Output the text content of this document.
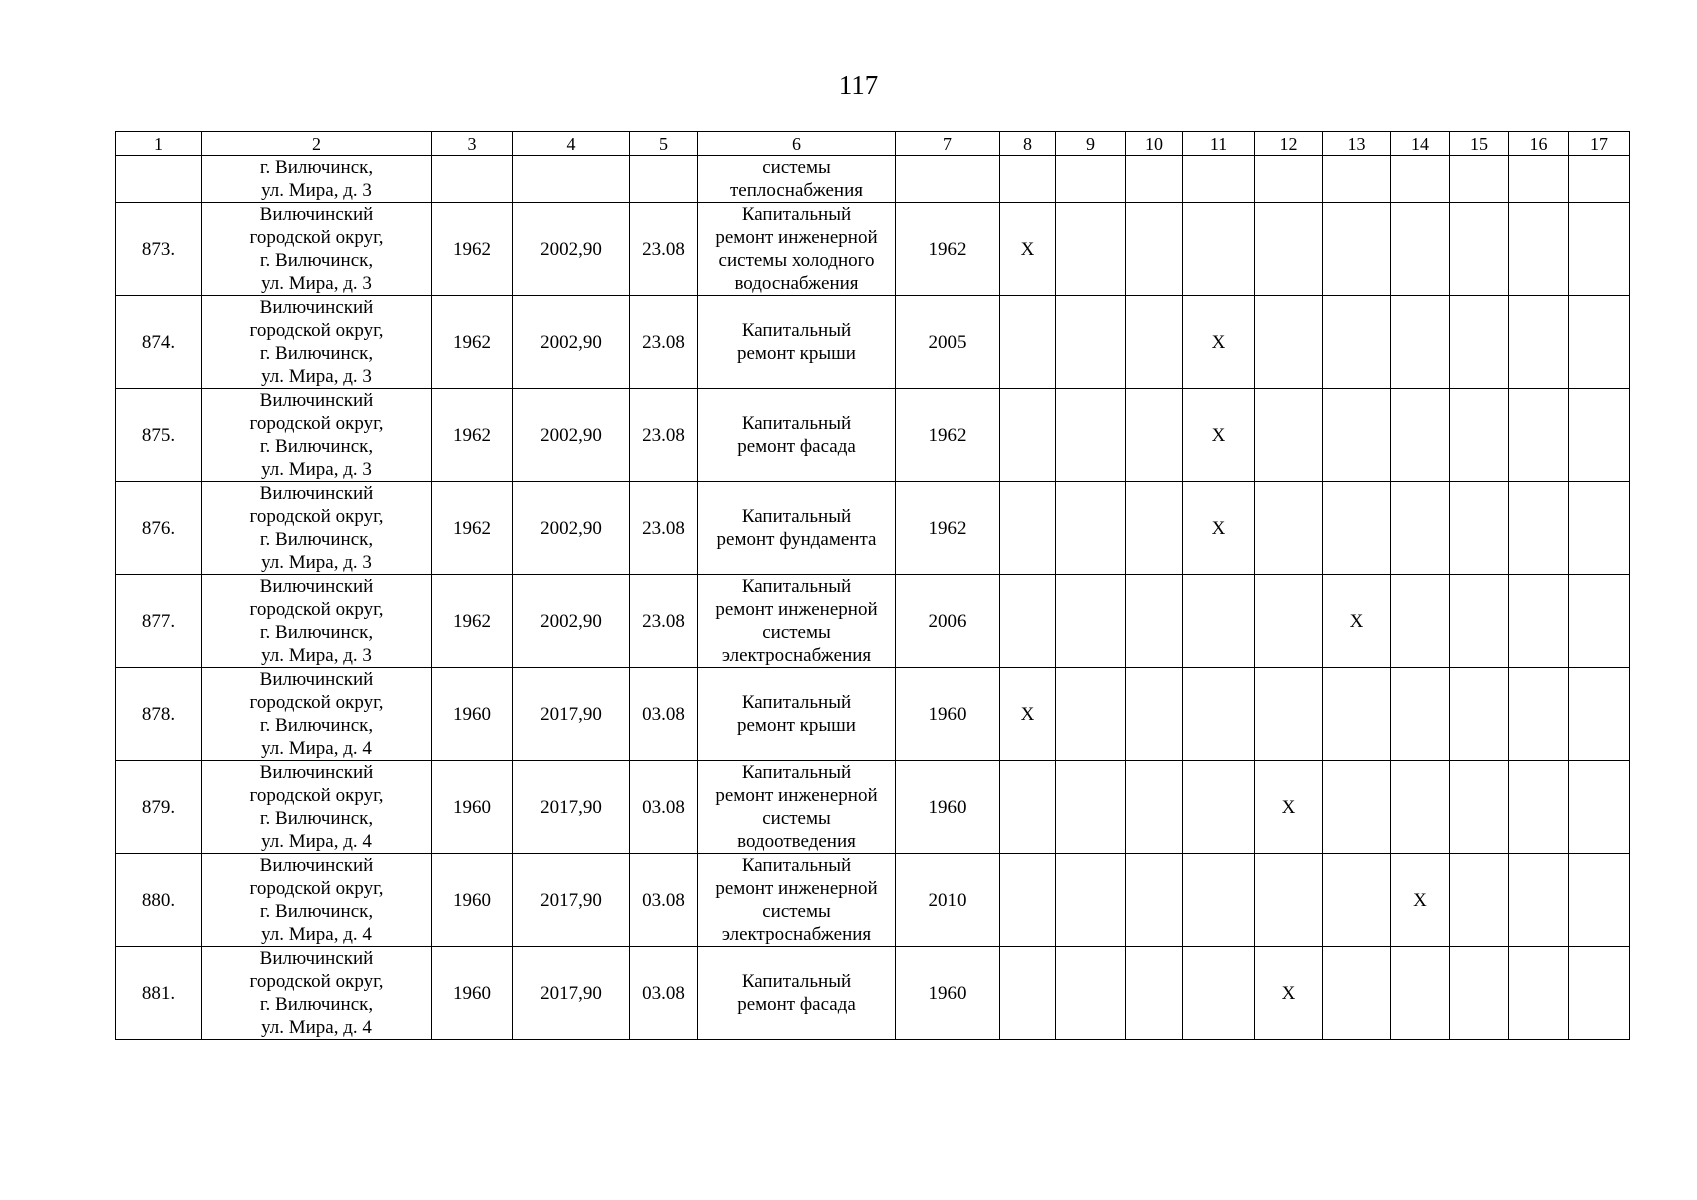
117
1	2	3	4	5	6	7	8	9	10	11	12	13	14	15	16	17
	г. Вилючинск,
ул. Мира, д. 3				системы
теплоснабжения											
873.	Вилючинский
городской округ,
г. Вилючинск,
ул. Мира, д. 3	1962	2002,90	23.08	Капитальный
ремонт инженерной
системы холодного
водоснабжения	1962	X									
874.	Вилючинский
городской округ,
г. Вилючинск,
ул. Мира, д. 3	1962	2002,90	23.08	Капитальный
ремонт крыши	2005				X						
875.	Вилючинский
городской округ,
г. Вилючинск,
ул. Мира, д. 3	1962	2002,90	23.08	Капитальный
ремонт фасада	1962				X						
876.	Вилючинский
городской округ,
г. Вилючинск,
ул. Мира, д. 3	1962	2002,90	23.08	Капитальный
ремонт фундамента	1962				X						
877.	Вилючинский
городской округ,
г. Вилючинск,
ул. Мира, д. 3	1962	2002,90	23.08	Капитальный
ремонт инженерной
системы
электроснабжения	2006						X				
878.	Вилючинский
городской округ,
г. Вилючинск,
ул. Мира, д. 4	1960	2017,90	03.08	Капитальный
ремонт крыши	1960	X									
879.	Вилючинский
городской округ,
г. Вилючинск,
ул. Мира, д. 4	1960	2017,90	03.08	Капитальный
ремонт инженерной
системы
водоотведения	1960					X					
880.	Вилючинский
городской округ,
г. Вилючинск,
ул. Мира, д. 4	1960	2017,90	03.08	Капитальный
ремонт инженерной
системы
электроснабжения	2010							X			
881.	Вилючинский
городской округ,
г. Вилючинск,
ул. Мира, д. 4	1960	2017,90	03.08	Капитальный
ремонт фасада	1960					X					
